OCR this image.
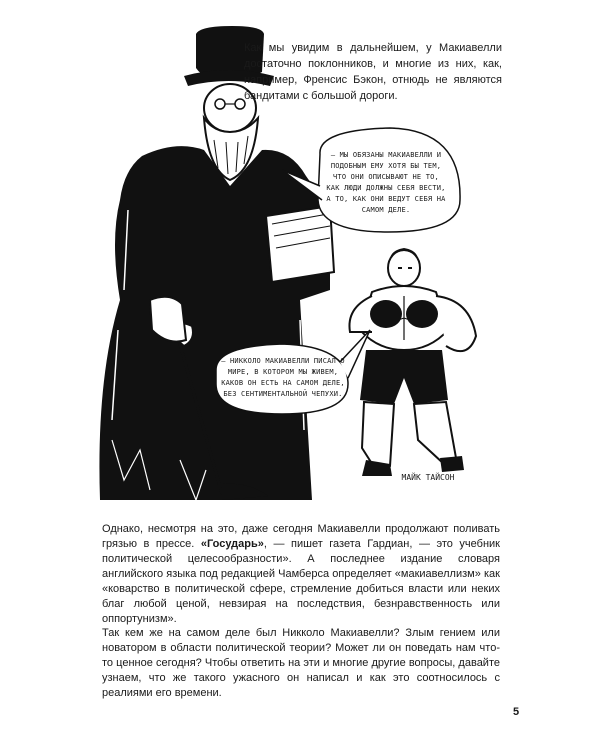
Как мы увидим в дальнейшем, у Макиавелли достаточно поклонников, и многие из них, как, например, Френсис Бэкон, отнюдь не являются бандитами с большой дороги.

— МЫ ОБЯЗАНЫ МАКИАВЕЛЛИ И ПОДОБНЫМ ЕМУ ХОТЯ БЫ ТЕМ, ЧТО ОНИ ОПИСЫВАЮТ НЕ ТО, КАК ЛЮДИ ДОЛЖНЫ СЕБЯ ВЕСТИ, А ТО, КАК ОНИ ВЕДУТ СЕБЯ НА САМОМ ДЕЛЕ.

— НИККОЛО МАКИАВЕЛЛИ ПИСАЛ О МИРЕ, В КОТОРОМ МЫ ЖИВЕМ, КАКОВ ОН ЕСТЬ НА САМОМ ДЕЛЕ, БЕЗ СЕНТИМЕНТАЛЬНОЙ ЧЕПУХИ.

МАЙК ТАЙСОН

Однако, несмотря на это, даже сегодня Макиавелли продолжают поливать грязью в прессе. «Государь», — пишет газета Гардиан, — это учебник политической целесообразности». А последнее издание словаря английского языка под редакцией Чамберса определяет «макиавеллизм» как «коварство в политической сфере, стремление добиться власти или неких благ любой ценой, невзирая на последствия, безнравственность или оппортунизм».

Так кем же на самом деле был Никколо Макиавелли? Злым гением или новатором в области политической теории? Может ли он поведать нам что-то ценное сегодня? Чтобы ответить на эти и многие другие вопросы, давайте узнаем, что же такого ужасного он написал и как это соотносилось с реалиями его времени.

5
